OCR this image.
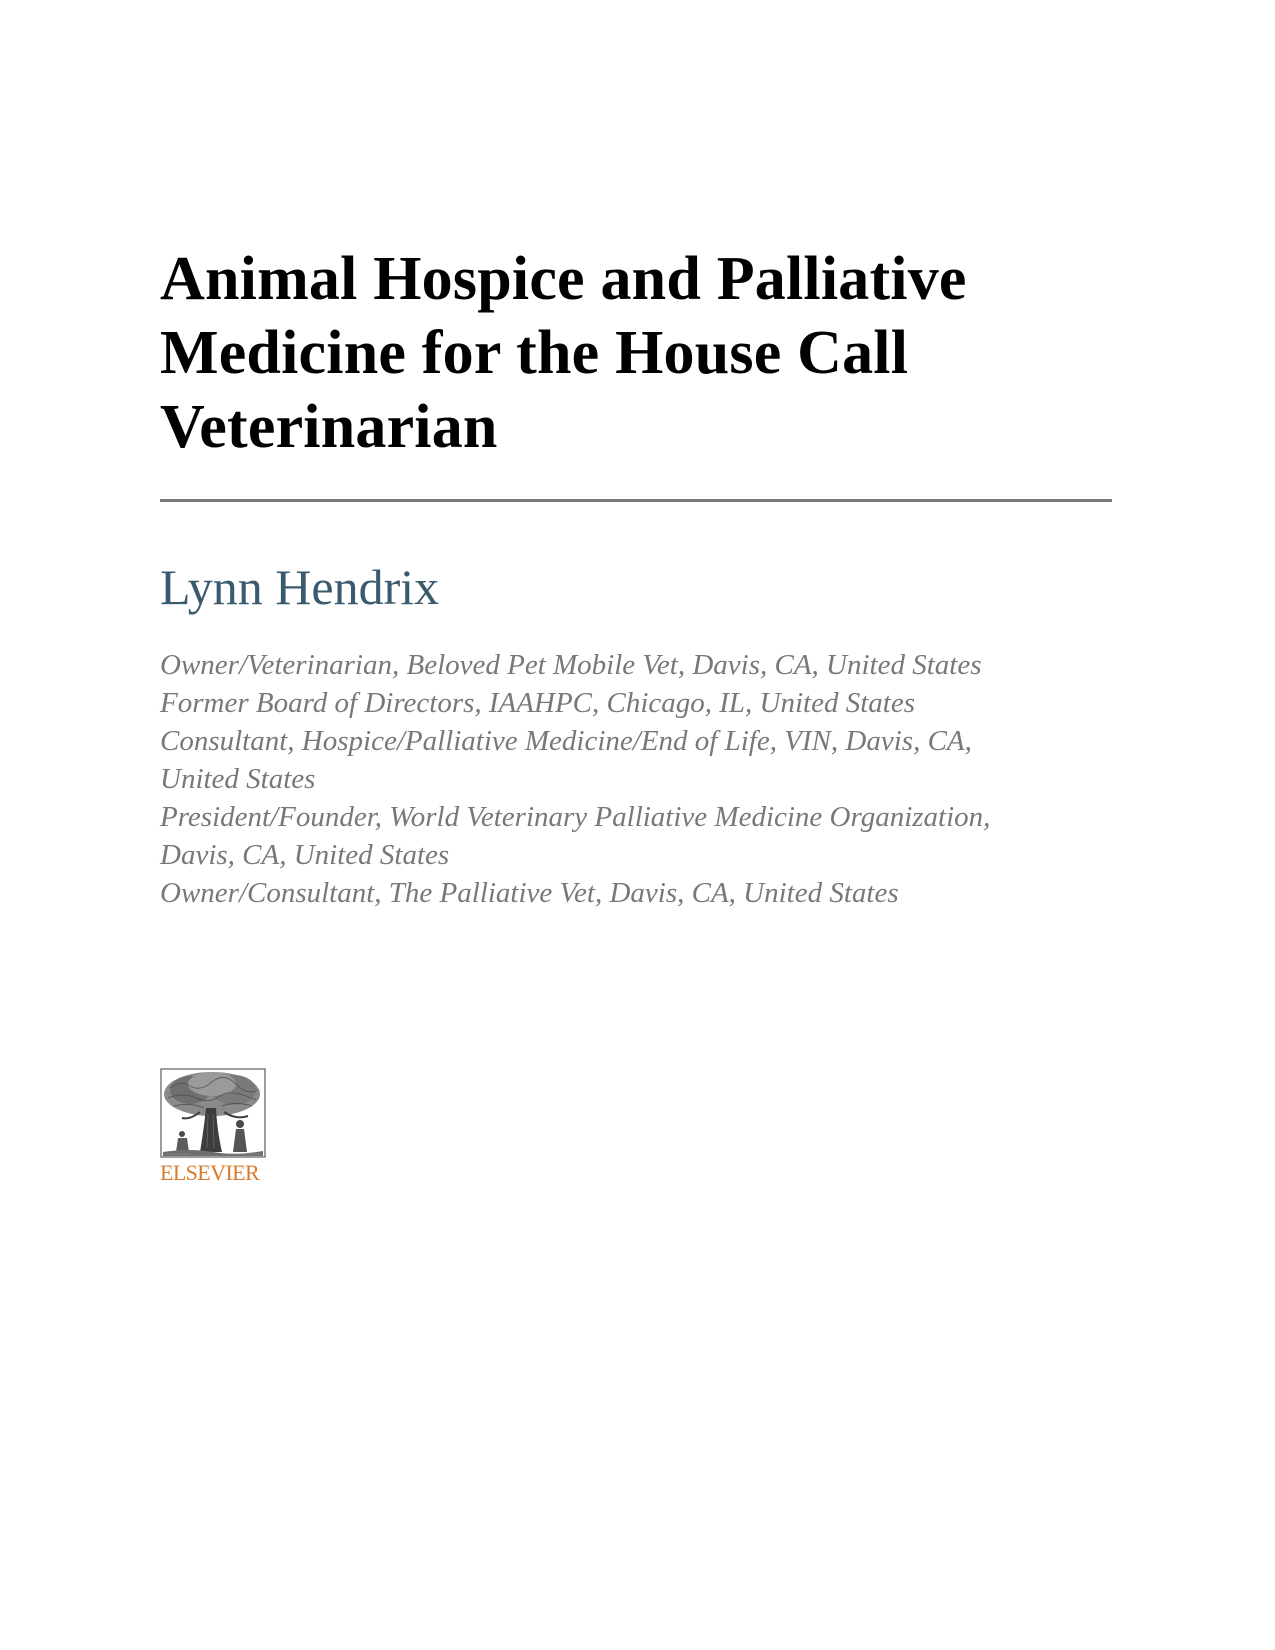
Animal Hospice and Palliative
Medicine for the House Call
Veterinarian
Lynn Hendrix
Owner/Veterinarian, Beloved Pet Mobile Vet, Davis, CA, United States
Former Board of Directors, IAAHPC, Chicago, IL, United States
Consultant, Hospice/Palliative Medicine/End of Life, VIN, Davis, CA,
United States
President/Founder, World Veterinary Palliative Medicine Organization,
Davis, CA, United States
Owner/Consultant, The Palliative Vet, Davis, CA, United States
ELSEVIER
